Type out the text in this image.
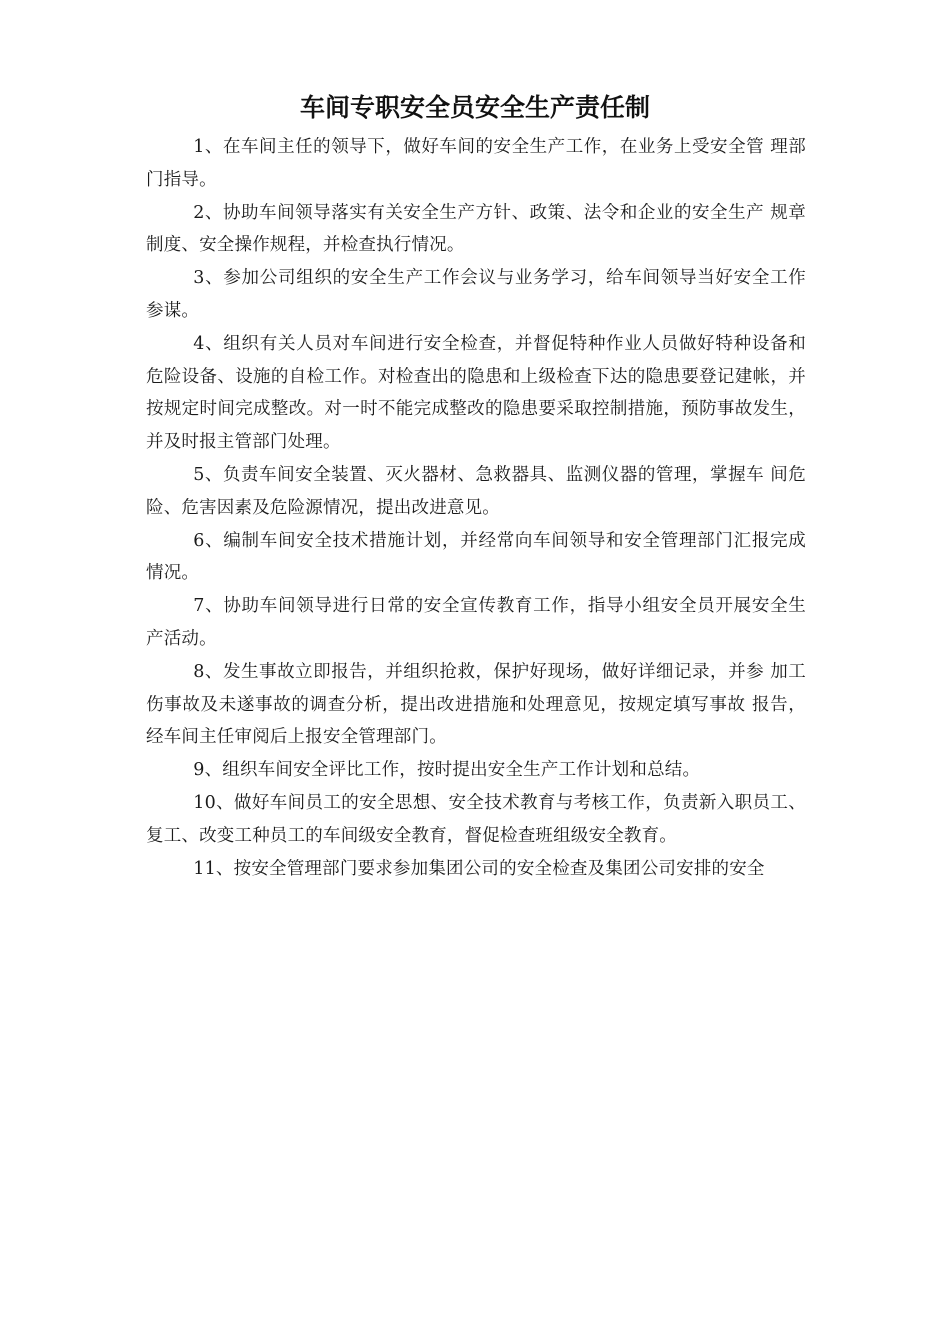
车间专职安全员安全生产责任制

1、在车间主任的领导下，做好车间的安全生产工作，在业务上受安全管 理部门指导。

2、协助车间领导落实有关安全生产方针、政策、法令和企业的安全生产 规章制度、安全操作规程，并检查执行情况。

3、参加公司组织的安全生产工作会议与业务学习，给车间领导当好安全工作参谋。

4、组织有关人员对车间进行安全检查，并督促特种作业人员做好特种设备和危险设备、设施的自检工作。对检查出的隐患和上级检查下达的隐患要登记建帐，并按规定时间完成整改。对一时不能完成整改的隐患要采取控制措施，预防事故发生，并及时报主管部门处理。

5、负责车间安全装置、灭火器材、急救器具、监测仪器的管理，掌握车 间危险、危害因素及危险源情况，提出改进意见。

6、编制车间安全技术措施计划，并经常向车间领导和安全管理部门汇报完成情况。

7、协助车间领导进行日常的安全宣传教育工作，指导小组安全员开展安全生产活动。

8、发生事故立即报告，并组织抢救，保护好现场，做好详细记录，并参 加工伤事故及未遂事故的调查分析，提出改进措施和处理意见，按规定填写事故 报告，经车间主任审阅后上报安全管理部门。

9、组织车间安全评比工作，按时提出安全生产工作计划和总结。

10、做好车间员工的安全思想、安全技术教育与考核工作，负责新入职员工、复工、改变工种员工的车间级安全教育，督促检查班组级安全教育。

11、按安全管理部门要求参加集团公司的安全检查及集团公司安排的安全
